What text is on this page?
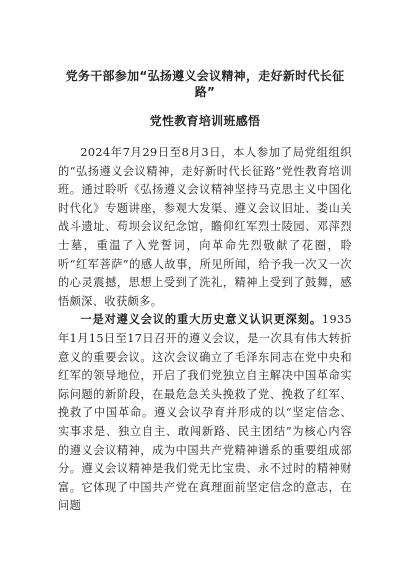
党务干部参加“弘扬遵义会议精神，走好新时代长征路”

党性教育培训班感悟

2024年7月29日至8月3日，本人参加了局党组组织的“弘扬遵义会议精神，走好新时代长征路”党性教育培训班。通过聆听《弘扬遵义会议精神坚持马克思主义中国化时代化》专题讲座，参观大发渠、遵义会议旧址、娄山关战斗遗址、苟坝会议纪念馆，瞻仰红军烈士陵园、邓萍烈士墓，重温了入党誓词，向革命先烈敬献了花圈，聆听“红军菩萨”的感人故事，所见所闻，给予我一次又一次的心灵震撼，思想上受到了洗礼，精神上受到了鼓舞，感悟颇深、收获颇多。

一是对遵义会议的重大历史意义认识更深刻。1935年1月15日至17日召开的遵义会议，是一次具有伟大转折意义的重要会议。这次会议确立了毛泽东同志在党中央和红军的领导地位，开启了我们党独立自主解决中国革命实际问题的新阶段，在最危急关头挽救了党、挽救了红军、挽救了中国革命。遵义会议孕育并形成的以“坚定信念、实事求是、独立自主、敢闯新路、民主团结”为核心内容的遵义会议精神，成为中国共产党精神谱系的重要组成部分。遵义会议精神是我们党无比宝贵、永不过时的精神财富。它体现了中国共产党在真理面前坚定信念的意志，在问题
